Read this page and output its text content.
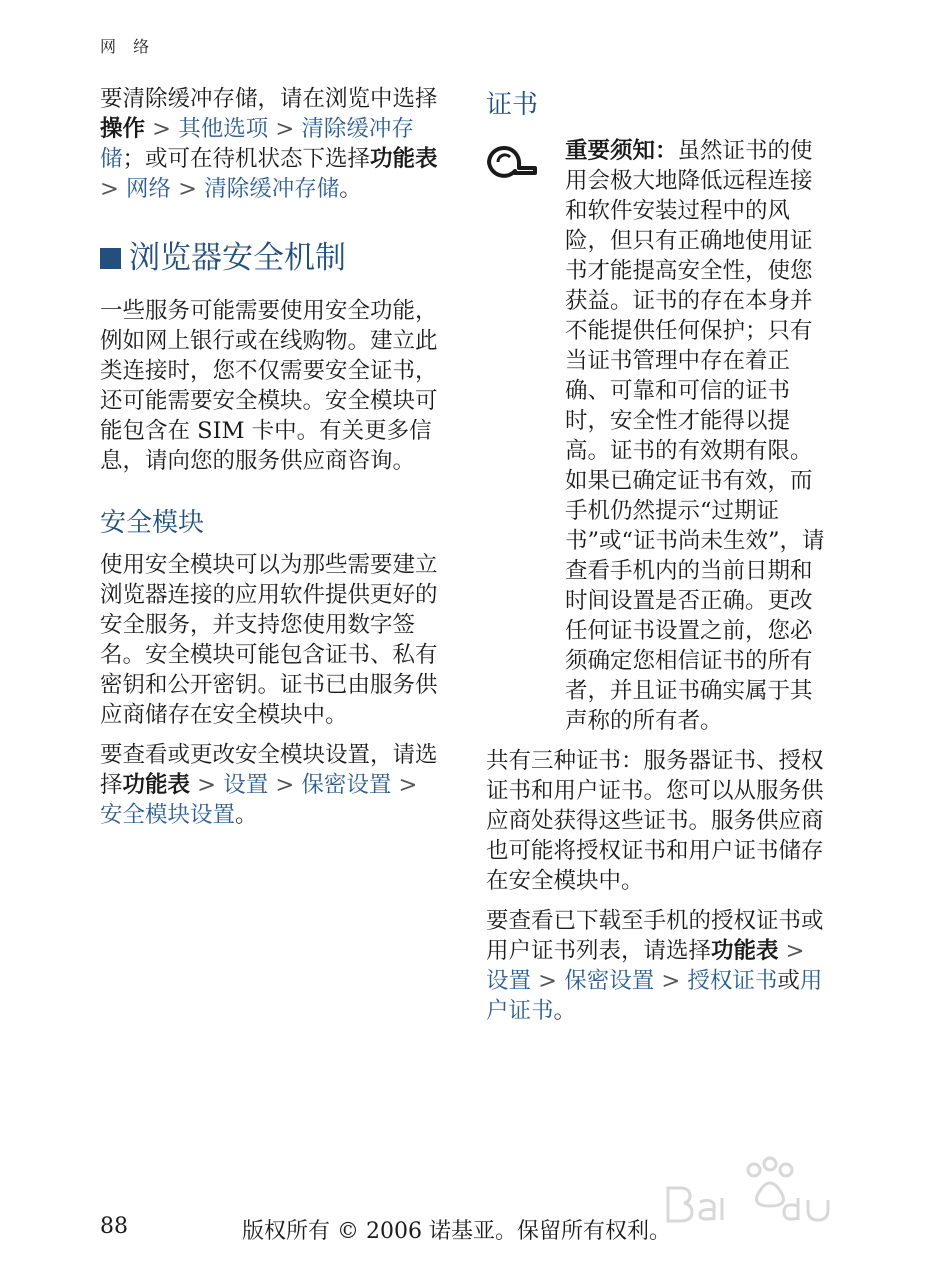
网 络

要清除缓冲存储，请在浏览中选择操作 > 其他选项 > 清除缓冲存储；或可在待机状态下选择功能表 > 网络 > 清除缓冲存储。

浏览器安全机制

一些服务可能需要使用安全功能，例如网上银行或在线购物。建立此类连接时，您不仅需要安全证书，还可能需要安全模块。安全模块可能包含在 SIM 卡中。有关更多信息，请向您的服务供应商咨询。

安全模块

使用安全模块可以为那些需要建立浏览器连接的应用软件提供更好的安全服务，并支持您使用数字签名。安全模块可能包含证书、私有密钥和公开密钥。证书已由服务供应商储存在安全模块中。

要查看或更改安全模块设置，请选择功能表 > 设置 > 保密设置 > 安全模块设置。

证书
重要须知：虽然证书的使用会极大地降低远程连接和软件安装过程中的风险，但只有正确地使用证书才能提高安全性，使您获益。证书的存在本身并不能提供任何保护；只有当证书管理中存在着正确、可靠和可信的证书时，安全性才能得以提高。证书的有效期有限。如果已确定证书有效，而手机仍然提示“过期证书”或“证书尚未生效”，请查看手机内的当前日期和时间设置是否正确。更改任何证书设置之前，您必须确定您相信证书的所有者，并且证书确实属于其声称的所有者。

共有三种证书：服务器证书、授权证书和用户证书。您可以从服务供应商处获得这些证书。服务供应商也可能将授权证书和用户证书储存在安全模块中。

要查看已下载至手机的授权证书或用户证书列表，请选择功能表 > 设置 > 保密设置 > 授权证书或用户证书。

88	版权所有 © 2006 诺基亚。保留所有权利。
